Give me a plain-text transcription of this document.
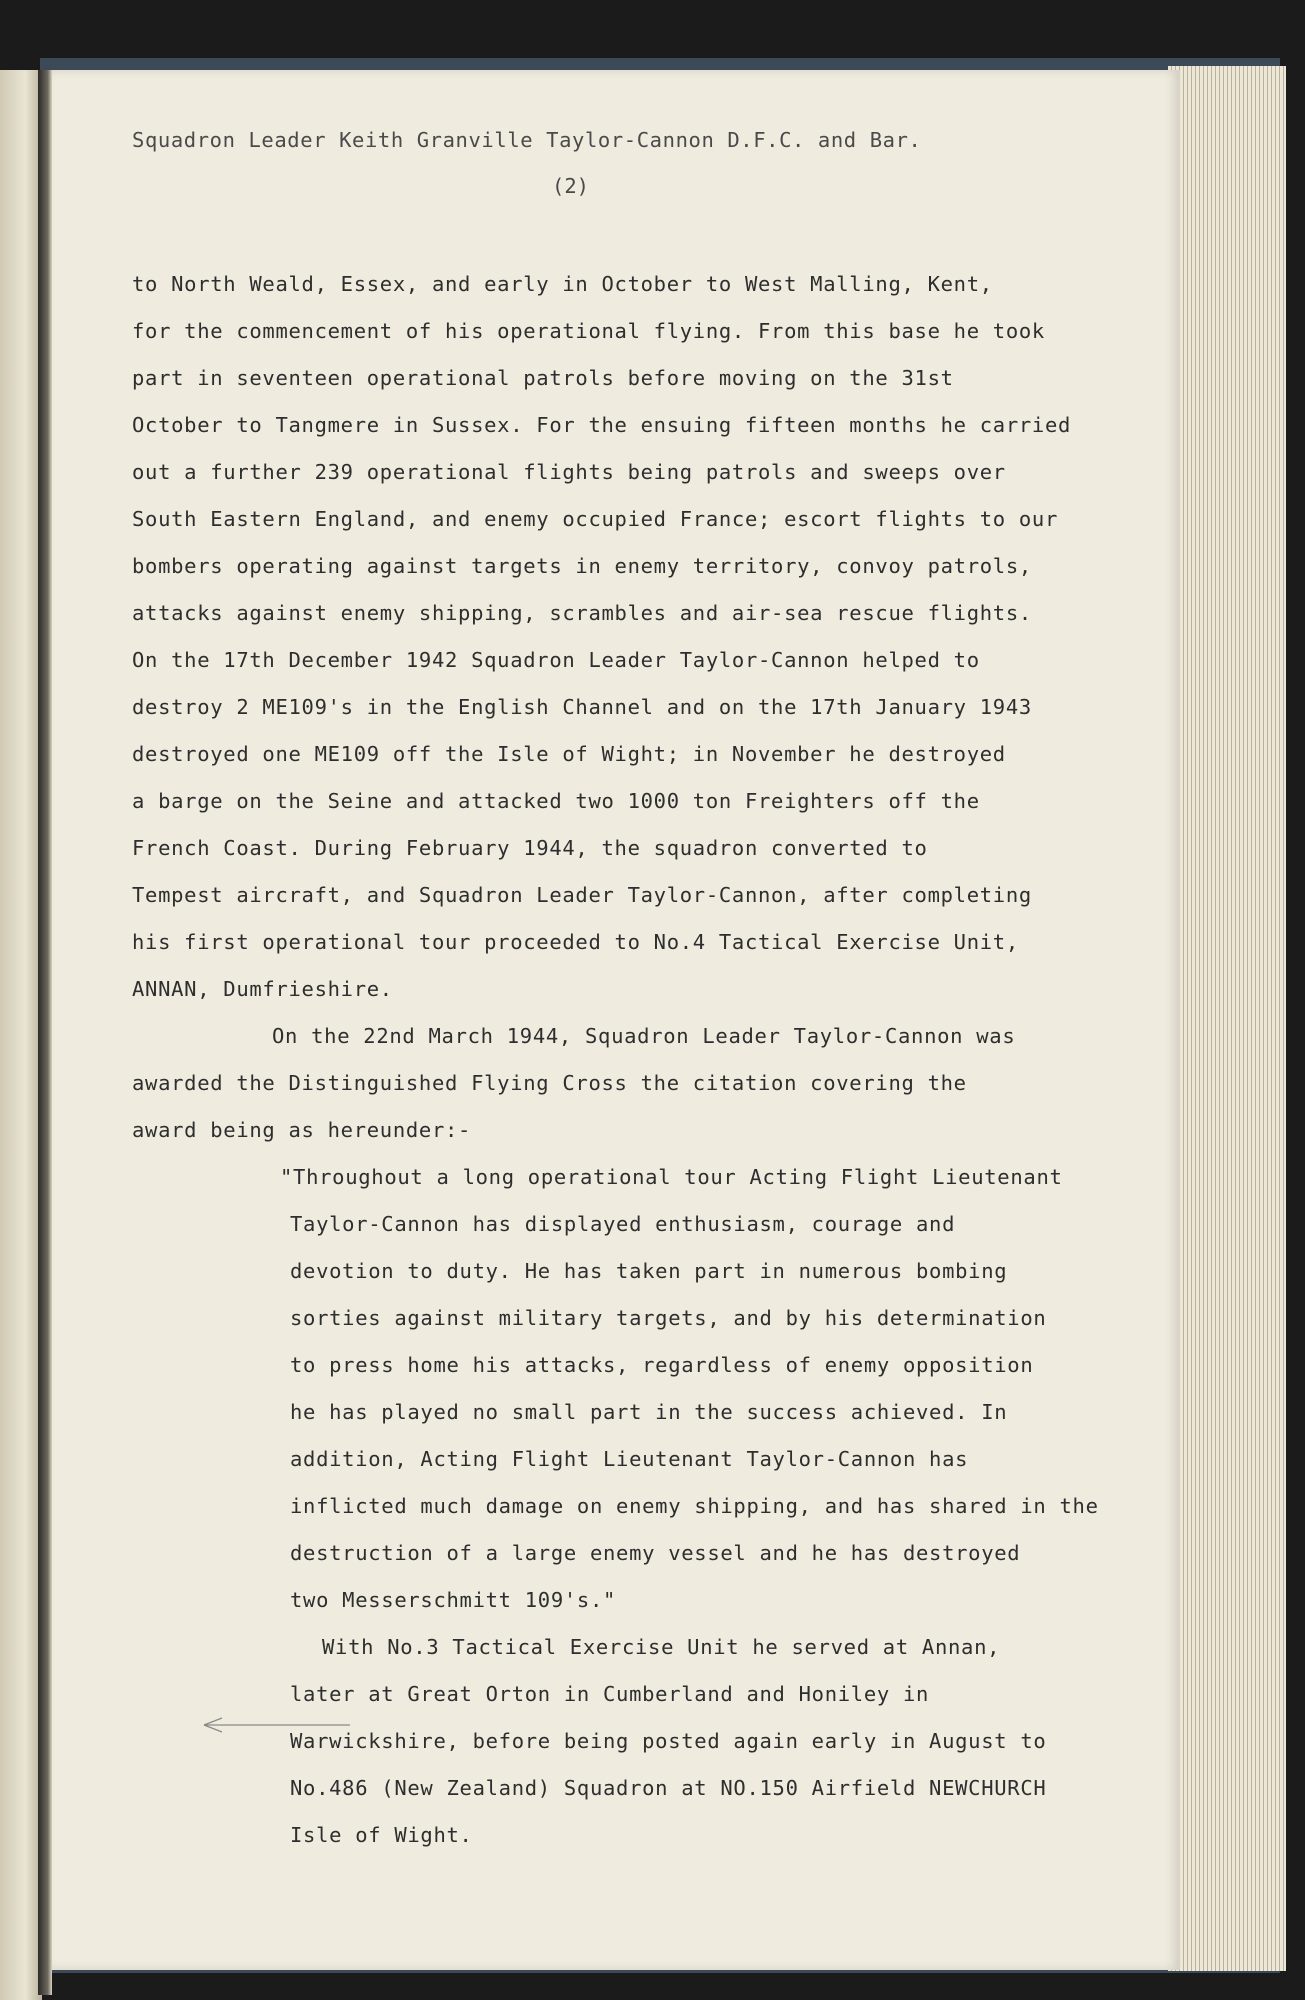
Squadron Leader Keith Granville Taylor-Cannon D.F.C. and Bar.
(2)
to North Weald, Essex, and early in October to West Malling, Kent,
for the commencement of his operational flying. From this base he took
part in seventeen operational patrols before moving on the 31st
October to Tangmere in Sussex. For the ensuing fifteen months he carried
out a further 239 operational flights being patrols and sweeps over
South Eastern England, and enemy occupied France; escort flights to our
bombers operating against targets in enemy territory, convoy patrols,
attacks against enemy shipping, scrambles and air-sea rescue flights.
On the 17th December 1942 Squadron Leader Taylor-Cannon helped to
destroy 2 ME109's in the English Channel and on the 17th January 1943
destroyed one ME109 off the Isle of Wight; in November he destroyed
a barge on the Seine and attacked two 1000 ton Freighters off the
French Coast. During February 1944, the squadron converted to
Tempest aircraft, and Squadron Leader Taylor-Cannon, after completing
his first operational tour proceeded to No.4 Tactical Exercise Unit,
ANNAN, Dumfrieshire.
On the 22nd March 1944, Squadron Leader Taylor-Cannon was
awarded the Distinguished Flying Cross the citation covering the
award being as hereunder:-
"Throughout a long operational tour Acting Flight Lieutenant
Taylor-Cannon has displayed enthusiasm, courage and
devotion to duty. He has taken part in numerous bombing
sorties against military targets, and by his determination
to press home his attacks, regardless of enemy opposition
he has played no small part in the success achieved. In
addition, Acting Flight Lieutenant Taylor-Cannon has
inflicted much damage on enemy shipping, and has shared in the
destruction of a large enemy vessel and he has destroyed
two Messerschmitt 109's."
With No.3 Tactical Exercise Unit he served at Annan,
later at Great Orton in Cumberland and Honiley in
Warwickshire, before being posted again early in August to
No.486 (New Zealand) Squadron at NO.150 Airfield NEWCHURCH
Isle of Wight.
